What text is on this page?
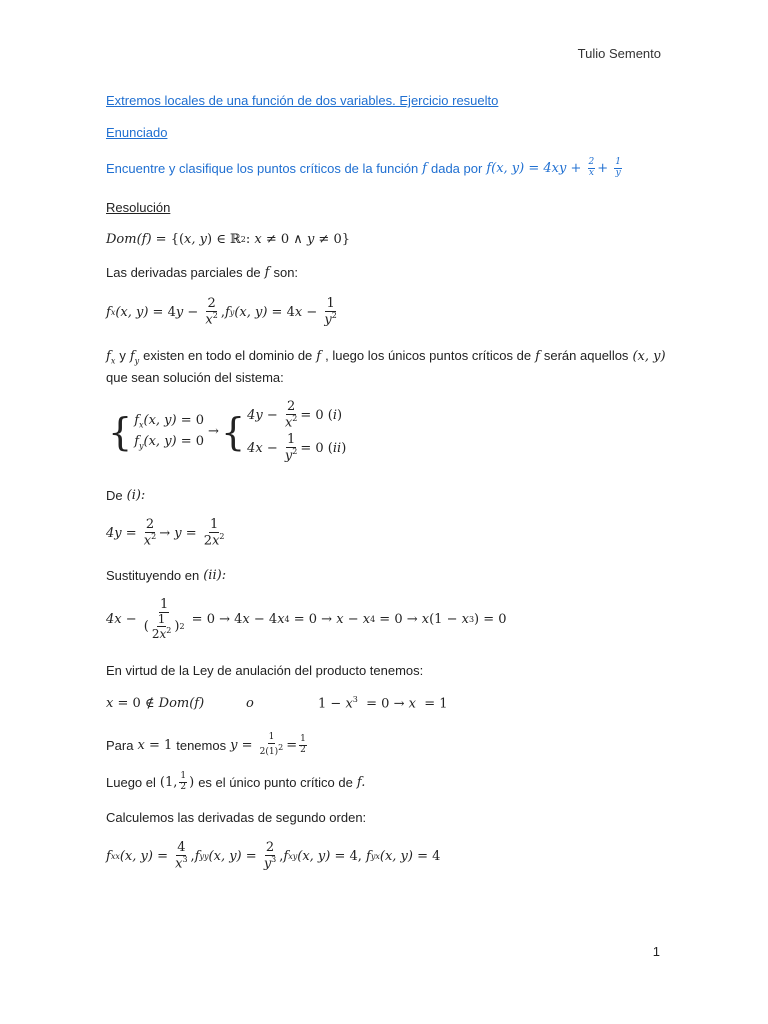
Tulio Semento
Extremos locales de una función de dos variables. Ejercicio resuelto
Enunciado
Encuentre y clasifique los puntos críticos de la función f dada por f(x, $y) = 4xy + \frac{2}{x} + \frac{1}{y}$
Resolución
Dom(f) = {( x, y ) ∈ ℝ 2 : x ≠ 0 ∧ y ≠ 0}
Las derivadas parciales de f son:
f x (x, y) = 4 $y - \frac{2}{x^2}$ , f y (x, y) = 4 $x - \frac{1}{y^2}$
$f_x$ y $f_y$ existen en todo el dominio de f , luego los únicos puntos críticos de f serán aquellos (x, y)
que sean solución del sistema:
{ $f_x(x$, y) = 0
$f_y(x$, y) = 0
→ { $4y - \frac{2}{x^2} = 0$ ( i )
$4x - \frac{1}{y^2} = 0$ ( ii )
De (i):
$4y = \frac{2}{x^2} \to y = \frac{1}{2x^2}$
Sustituyendo en (ii):
$4x - \frac{1}{( \frac{1}{2x^2} ) 2} = 0 \to 4$ x − 4 x 4 = 0 → x − x 4 = 0 → x (1 − x 3 ) = 0
En virtud de la Ley de anulación del producto tenemos:
x = 0 ∉ Dom(f)	o	$1 - x^3 = 0 \to x = 1$
Para x = 1 tenemos $y = \frac{1}{2(1)^2} = \frac{1}{2}$
Luego el (1, $\frac{1}{2}$ ) es el único punto crítico de f.
Calculemos las derivadas de segundo orden:
f xx (x, $y) = \frac{4}{x^3}$ , f yy (x, $y) = \frac{2}{y^3}$ , f xy (x, y) = 4, f yx (x, y) = 4
1
